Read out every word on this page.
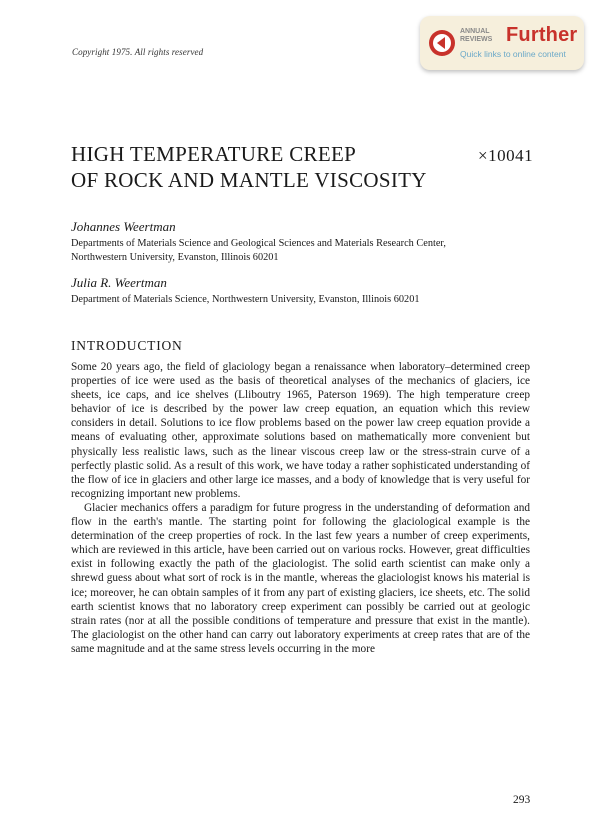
Copyright 1975. All rights reserved
ANNUAL
REVIEWS Further
Quick links to online content
HIGH TEMPERATURE CREEP
OF ROCK AND MANTLE VISCOSITY
×10041
Johannes Weertman
Departments of Materials Science and Geological Sciences and Materials Research Center,
Northwestern University, Evanston, Illinois 60201
Julia R. Weertman
Department of Materials Science, Northwestern University, Evanston, Illinois 60201
INTRODUCTION

Some 20 years ago, the field of glaciology began a renaissance when laboratory–determined creep properties of ice were used as the basis of theoretical analyses of the mechanics of glaciers, ice sheets, ice caps, and ice shelves (Lliboutry 1965, Paterson 1969). The high temperature creep behavior of ice is described by the power law creep equation, an equation which this review considers in detail. Solutions to ice flow problems based on the power law creep equation provide a means of evaluating other, approximate solutions based on mathematically more convenient but physically less realistic laws, such as the linear viscous creep law or the stress-strain curve of a perfectly plastic solid. As a result of this work, we have today a rather sophisticated understanding of the flow of ice in glaciers and other large ice masses, and a body of knowledge that is very useful for recognizing important new problems.

Glacier mechanics offers a paradigm for future progress in the understanding of deformation and flow in the earth's mantle. The starting point for following the glaciological example is the determination of the creep properties of rock. In the last few years a number of creep experiments, which are reviewed in this article, have been carried out on various rocks. However, great difficulties exist in following exactly the path of the glaciologist. The solid earth scientist can make only a shrewd guess about what sort of rock is in the mantle, whereas the glaciologist knows his material is ice; moreover, he can obtain samples of it from any part of existing glaciers, ice sheets, etc. The solid earth scientist knows that no laboratory creep experiment can possibly be carried out at geologic strain rates (nor at all the possible conditions of temperature and pressure that exist in the mantle). The glaciologist on the other hand can carry out laboratory experiments at creep rates that are of the same magnitude and at the same stress levels occurring in the more

293
